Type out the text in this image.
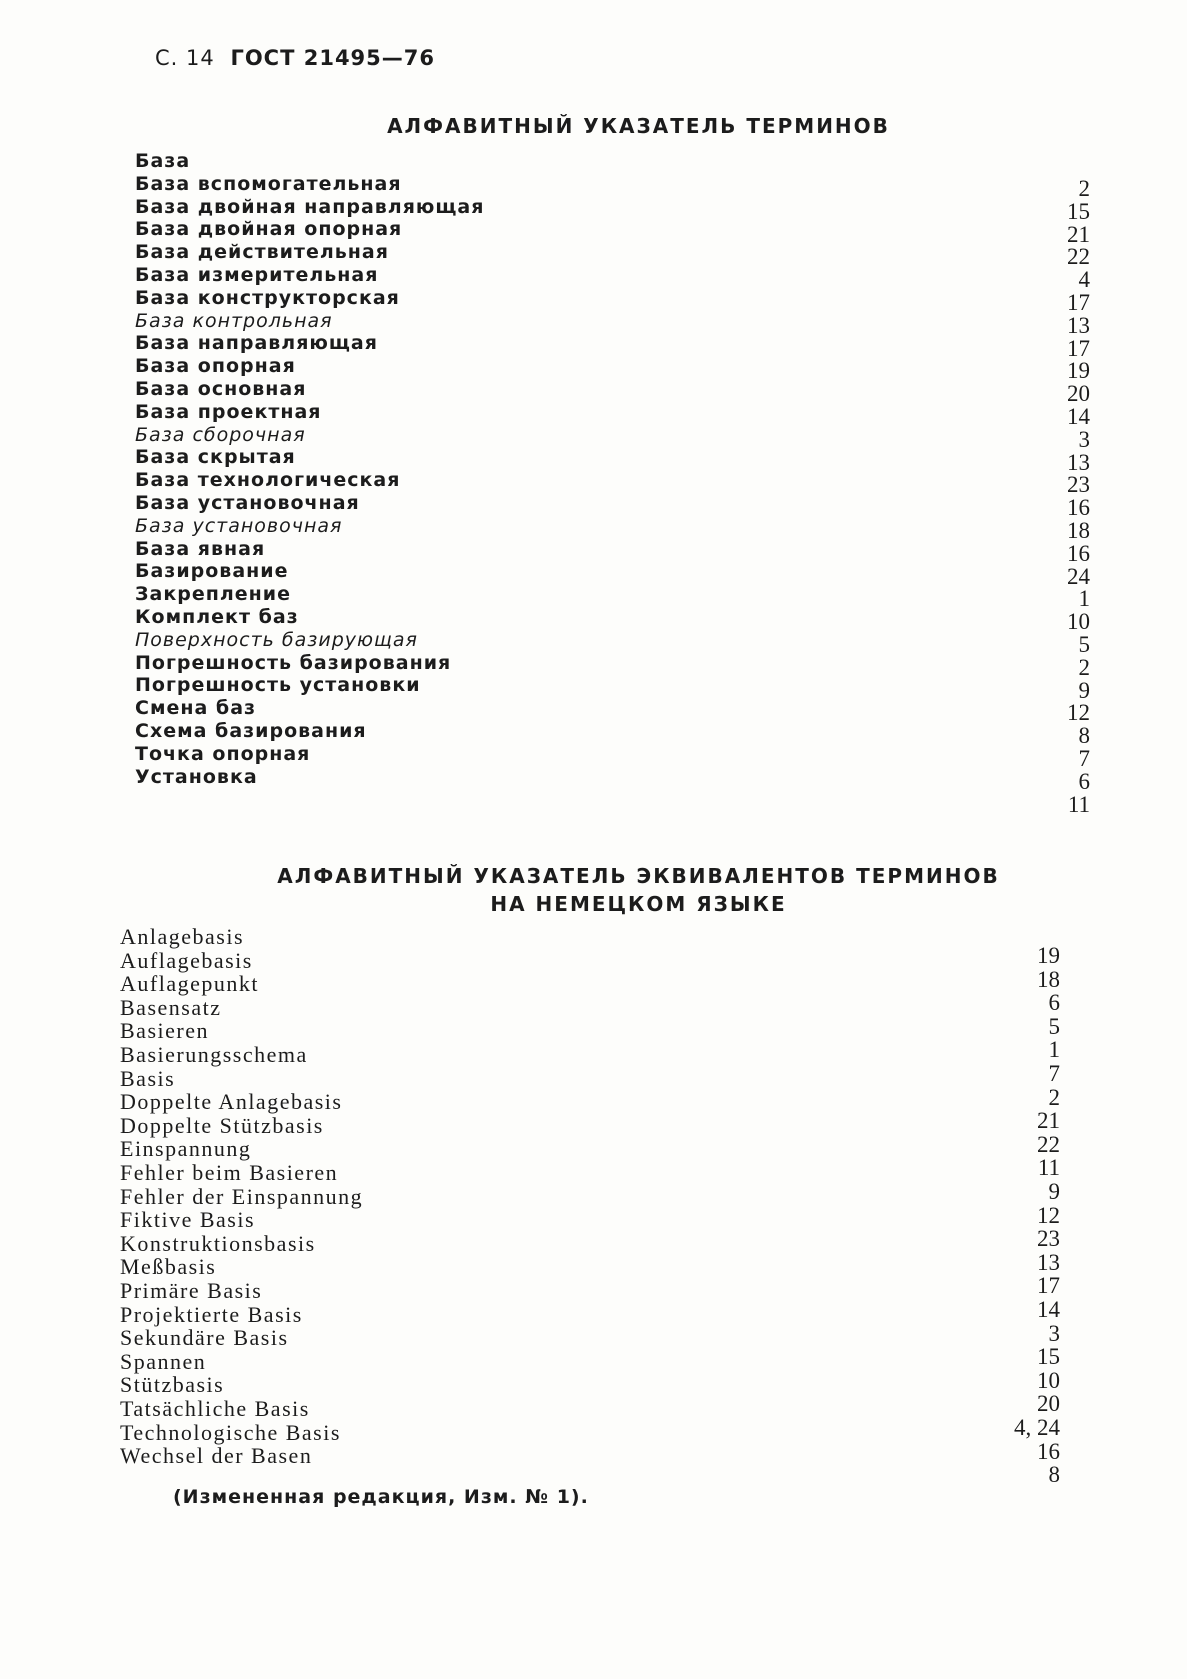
С. 14 ГОСТ 21495—76
АЛФАВИТНЫЙ УКАЗАТЕЛЬ ТЕРМИНОВ
База
База вспомогательная
База двойная направляющая
База двойная опорная
База действительная
База измерительная
База конструкторская
База контрольная
База направляющая
База опорная
База основная
База проектная
База сборочная
База скрытая
База технологическая
База установочная
База установочная
База явная
Базирование
Закрепление
Комплект баз
Поверхность базирующая
Погрешность базирования
Погрешность установки
Смена баз
Схема базирования
Точка опорная
Установка
2
15
21
22
4
17
13
17
19
20
14
3
13
23
16
18
16
24
1
10
5
2
9
12
8
7
6
11
АЛФАВИТНЫЙ УКАЗАТЕЛЬ ЭКВИВАЛЕНТОВ ТЕРМИНОВ
НА НЕМЕЦКОМ ЯЗЫКЕ
Anlagebasis
Auflagebasis
Auflagepunkt
Basensatz
Basieren
Basierungsschema
Basis
Doppelte Anlagebasis
Doppelte Stützbasis
Einspannung
Fehler beim Basieren
Fehler der Einspannung
Fiktive Basis
Konstruktionsbasis
Meßbasis
Primäre Basis
Projektierte Basis
Sekundäre Basis
Spannen
Stützbasis
Tatsächliche Basis
Technologische Basis
Wechsel der Basen
19
18
6
5
1
7
2
21
22
11
9
12
23
13
17
14
3
15
10
20
4, 24
16
8
(Измененная редакция, Изм. № 1).
